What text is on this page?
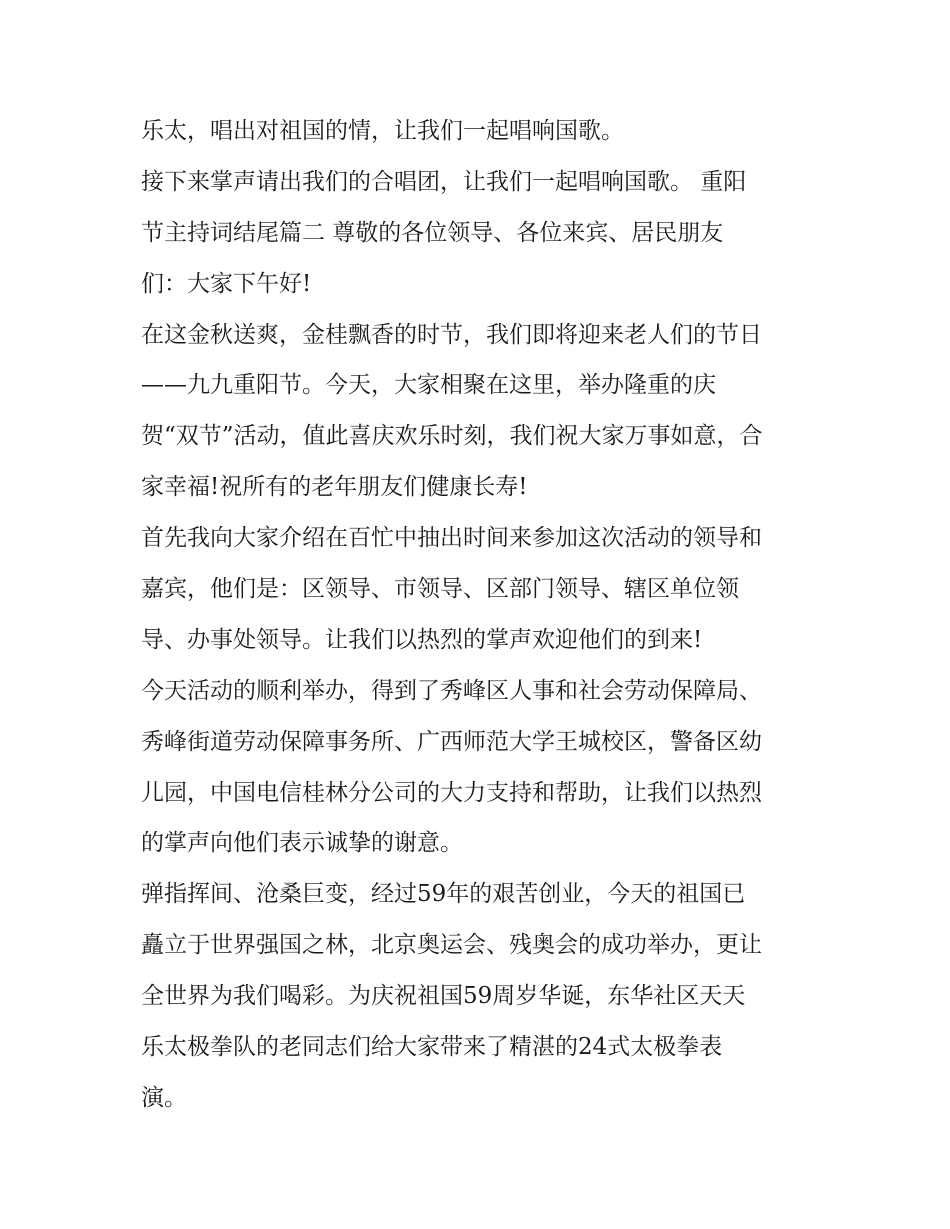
乐太，唱出对祖国的情，让我们一起唱响国歌。
接下来掌声请出我们的合唱团，让我们一起唱响国歌。 重阳
节主持词结尾篇二 尊敬的各位领导、各位来宾、居民朋友
们：大家下午好!
在这金秋送爽，金桂飘香的时节，我们即将迎来老人们的节日
——九九重阳节。今天，大家相聚在这里，举办隆重的庆
贺“双节”活动，值此喜庆欢乐时刻，我们祝大家万事如意，合
家幸福!祝所有的老年朋友们健康长寿!
首先我向大家介绍在百忙中抽出时间来参加这次活动的领导和
嘉宾，他们是：区领导、市领导、区部门领导、辖区单位领
导、办事处领导。让我们以热烈的掌声欢迎他们的到来!
今天活动的顺利举办，得到了秀峰区人事和社会劳动保障局、
秀峰街道劳动保障事务所、广西师范大学王城校区，警备区幼
儿园，中国电信桂林分公司的大力支持和帮助，让我们以热烈
的掌声向他们表示诚挚的谢意。
弹指挥间、沧桑巨变，经过59年的艰苦创业，今天的祖国已
矗立于世界强国之林，北京奥运会、残奥会的成功举办，更让
全世界为我们喝彩。为庆祝祖国59周岁华诞，东华社区天天
乐太极拳队的老同志们给大家带来了精湛的24式太极拳表
演。
